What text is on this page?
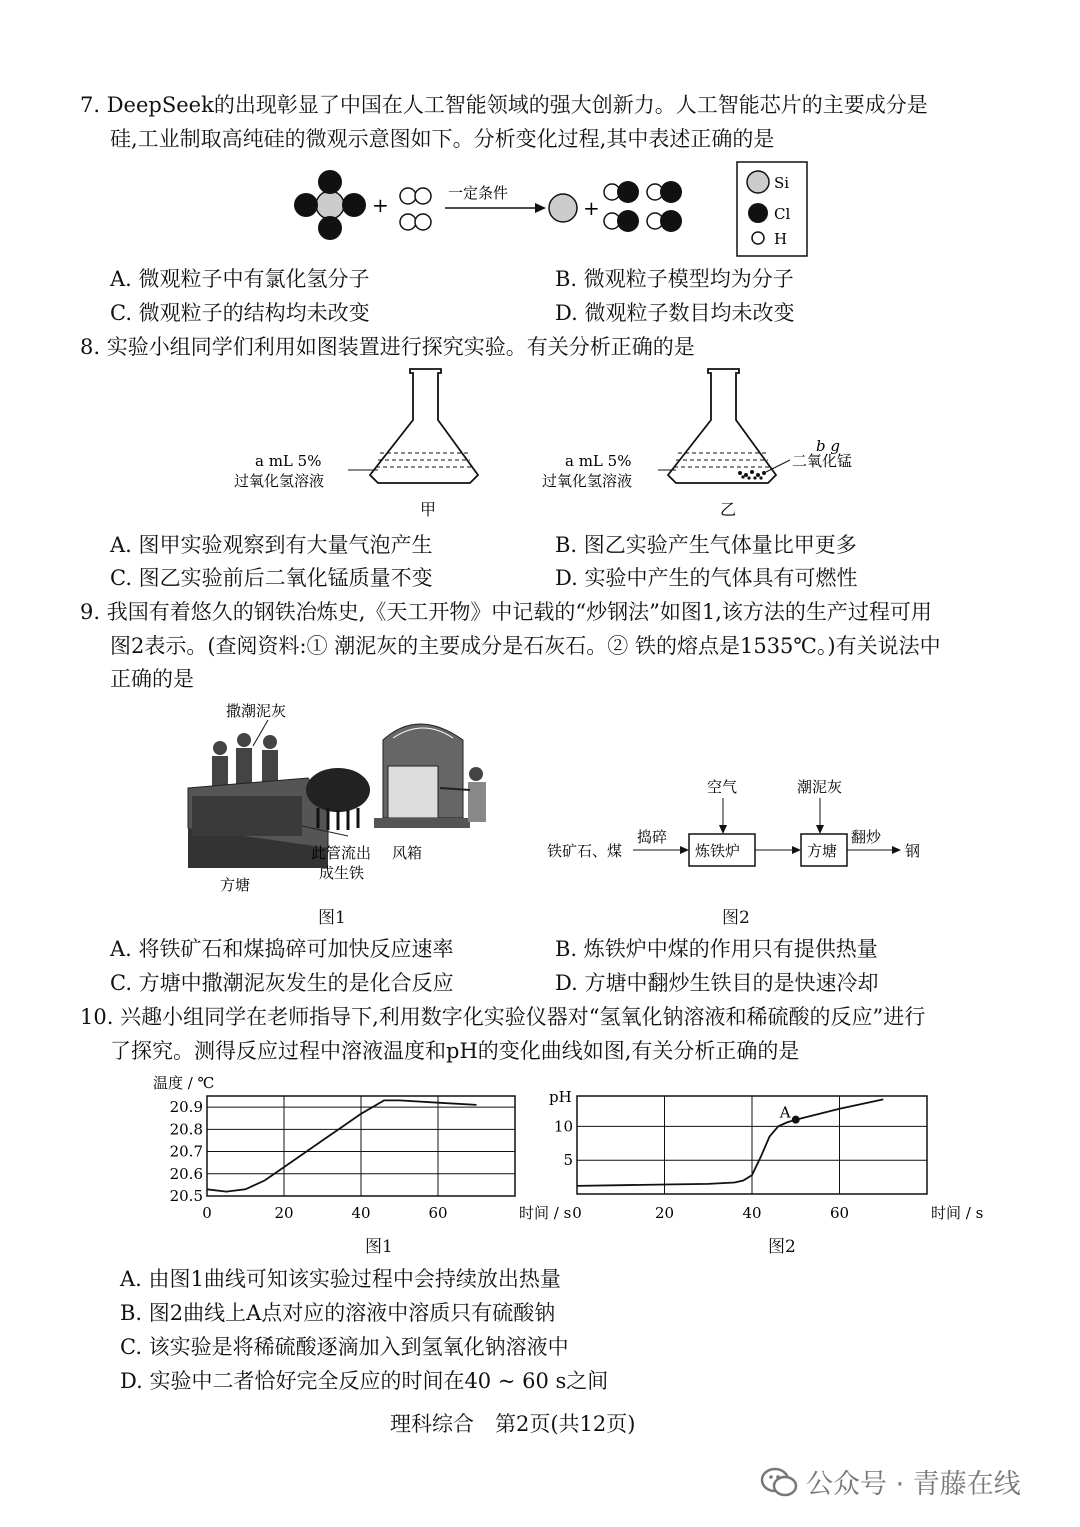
7. DeepSeek的出现彰显了中国在人工智能领域的强大创新力。人工智能芯片的主要成分是
硅,工业制取高纯硅的微观示意图如下。分析变化过程,其中表述正确的是
+	一定条件
+
Si
Cl
H
A. 微观粒子中有氯化氢分子	B. 微观粒子模型均为分子
C. 微观粒子的结构均未改变	D. 微观粒子数目均未改变
8. 实验小组同学们利用如图装置进行探究实验。有关分析正确的是
a mL 5%
过氧化氢溶液
甲
a mL 5%
过氧化氢溶液
b g
二氧化锰
乙
A. 图甲实验观察到有大量气泡产生	B. 图乙实验产生气体量比甲更多
C. 图乙实验前后二氧化锰质量不变	D. 实验中产生的气体具有可燃性
9. 我国有着悠久的钢铁冶炼史,《天工开物》中记载的“炒钢法”如图1,该方法的生产过程可用
图2表示。(查阅资料:① 潮泥灰的主要成分是石灰石。② 铁的熔点是1535℃。)有关说法中
正确的是
撒潮泥灰
此管流出
成生铁
风箱
方塘
图1
空气	潮泥灰
铁矿石、煤
捣碎
炼铁炉	方塘
翻炒
钢
图2
A. 将铁矿石和煤捣碎可加快反应速率	B. 炼铁炉中煤的作用只有提供热量
C. 方塘中撒潮泥灰发生的是化合反应	D. 方塘中翻炒生铁目的是快速冷却
10. 兴趣小组同学在老师指导下,利用数字化实验仪器对“氢氧化钠溶液和稀硫酸的反应”进行
了探究。测得反应过程中溶液温度和pH的变化曲线如图,有关分析正确的是
温度 / ℃
20.5
20.6
20.7
20.8
20.9
0	20	40	60	时间 / s
图1
pH
5
10
0	20	40	60
A
时间 / s
图2
A. 由图1曲线可知该实验过程中会持续放出热量
B. 图2曲线上A点对应的溶液中溶质只有硫酸钠
C. 该实验是将稀硫酸逐滴加入到氢氧化钠溶液中
D. 实验中二者恰好完全反应的时间在40 ~ 60 s之间
理科综合　第2页(共12页)
公众号 · 青藤在线
